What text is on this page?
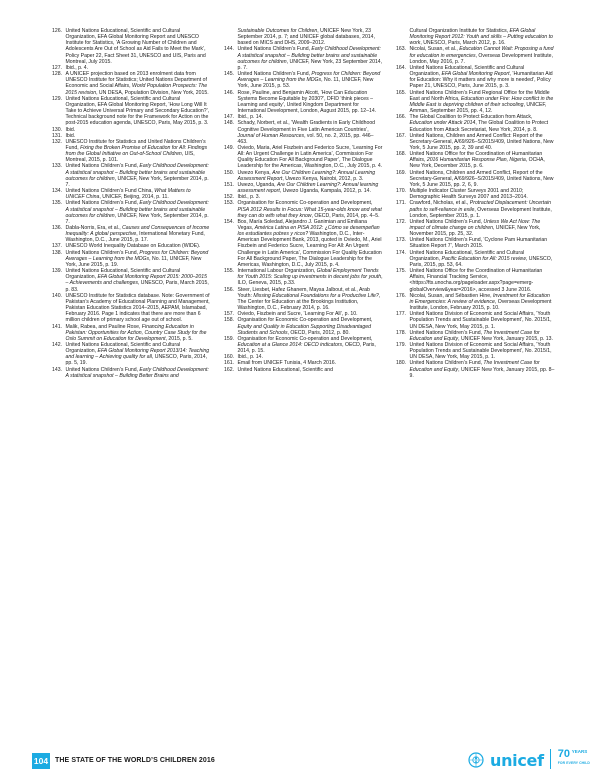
126. United Nations Educational, Scientific and Cultural Organization, EFA Global Monitoring Report and UNESCO Institute for Statistics, ‘A Growing Number of Children and Adolescents Are Out of School as Aid Fails to Meet the Mark’, Policy Paper 22, Fact Sheet 31, UNESCO and UIS, Paris and Montreal, July 2015.
127. Ibid., p. 4.
128. A UNICEF projection based on 2013 enrolment data from UNESCO Institute for Statistics; United Nations Department of Economic and Social Affairs, World Population Prospects: The 2015 revision, UN DESA, Population Division, New York, 2015.
129. United Nations Educational, Scientific and Cultural Organization, EFA Global Monitoring Report, ‘How Long Will It Take to Achieve Universal Primary and Secondary Education?’, Technical background note for the Framework for Action on the post-2015 education agenda, UNESCO, Paris, May 2015, p. 3.
130. Ibid.
131. Ibid.
132. UNESCO Institute for Statistics and United Nations Children’s Fund, Fixing the Broken Promise of Education for All: Findings from the Global Initiative on Out-of-School Children, UIS, Montreal, 2015, p. 101.
133. United Nations Children’s Fund, Early Childhood Development: A statistical snapshot – Building better brains and sustainable outcomes for children, UNICEF, New York, September 2014, p. 7.
134. United Nations Children’s Fund China, What Matters to UNICEF China, UNICEF, Beijing, 2014, p. 11.
135. United Nations Children’s Fund, Early Childhood Development: A statistical snapshot – Building better brains and sustainable outcomes for children, UNICEF, New York, September 2014, p. 7.
136. Dabla-Norris, Era, et al., Causes and Consequences of Income Inequality: A global perspective, International Monetary Fund, Washington, D.C., June 2015, p. 17.
137. UNESCO World Inequality Database on Education (WIDE).
138. United Nations Children’s Fund, Progress for Children: Beyond Averages – Learning from the MDGs, No. 11, UNICEF, New York, June 2015, p. 19.
139. United Nations Educational, Scientific and Cultural Organization, EFA Global Monitoring Report 2015: 2000–2015 – Achievements and challenges, UNESCO, Paris, March 2015, p. 83.
140. UNESCO Institute for Statistics database. Note: Government of Pakistan’s Academy of Educational Planning and Management, Pakistan Education Statistics 2014–2015, AEPAM, Islamabad, February 2016. Page 1 indicates that there are more than 6 million children of primary school age out of school.
141. Malik, Rabea, and Pauline Rose, Financing Education in Pakistan: Opportunities for Action, Country Case Study for the Oslo Summit on Education for Development, 2015, p. 5.
142. United Nations Educational, Scientific and Cultural Organization, EFA Global Monitoring Report 2013/14: Teaching and learning – Achieving quality for all, UNESCO, Paris, 2014, pp. 5, 19.
143. United Nations Children’s Fund, Early Childhood Development: A statistical snapshot – Building Better Brains and
Sustainable Outcomes for Children, UNICEF New York, 23 September 2014, p. 7; and UNICEF global databases, 2014, based on MICS and DHS, 2009–2012.
144. United Nations Children’s Fund, Early Childhood Development: A statistical snapshot – Building better brains and sustainable outcomes for children, UNICEF, New York, 23 September 2014, p. 7.
145. United Nations Children’s Fund, Progress for Children: Beyond Averages – Learning from the MDGs, No. 11, UNICEF, New York, June 2015, p. 53.
146. Rose, Pauline, and Benjamin Alcott, ‘How Can Education Systems Become Equitable by 2030?’, DFID ‘think pieces – Learning and equity’, United Kingdom Department for International Development, London, August 2015, pp. 12–14.
147. Ibid., p. 14.
148. Schady, Norbert, et al., ‘Wealth Gradients in Early Childhood Cognitive Development in Five Latin American Countries’, Journal of Human Resources, vol. 50, no. 2, 2015, pp. 446–463.
149. Oviedo, Maria, Ariel Fiszbein and Federico Sucre, ‘Learning For All: An Urgent Challenge in Latin America’, Commission For Quality Education For All Background Paper’, The Dialogue Leadership for the Americas, Washington, D.C., July 2015, p. 4.
150. Uwezo Kenya, Are Our Children Learning?: Annual Learning Assessment Report, Uwezo Kenya, Nairobi, 2012, p. 3.
151. Uwezo, Uganda, Are Our Children Learning?: Annual learning assessment report, Uwezo Uganda, Kampala, 2012, p. 14.
152. Ibid., p. 3.
153. Organisation for Economic Co-operation and Development, PISA 2012 Results in Focus: What 15-year-olds know and what they can do with what they know, OECD, Paris, 2014, pp. 4–5.
154. Bos, María Soledad, Alejandro J. Ganimian and Emiliana Vegas, América Latina en PISA 2012: ¿Cómo se desempeñan los estudiantes pobres y ricos? Washington, D.C., Inter-American Development Bank, 2013, quoted in Oviedo, M., Ariel Fiszbein and Federico Sucre, ‘Learning For All: An Urgent Challenge in Latin America’, Commission For Quality Education For All Background Paper, The Dialogue Leadership for the Americas, Washington, D.C., July 2015, p. 4.
155. International Labour Organization, Global Employment Trends for Youth 2015: Scaling up investments in decent jobs for youth, ILO, Geneva, 2015, p.33.
156. Steer, Liesbet, Hafez Ghanem, Maysa Jalbout, et al., Arab Youth: Missing Educational Foundations for a Productive Life?, The Center for Education at the Brookings Institution, Washington, D.C., February 2014, p. 16.
157. Oviedo, Fiszbein and Sucre, ‘Learning For All’, p. 10.
158. Organisation for Economic Co-operation and Development, Equity and Quality in Education Supporting Disadvantaged Students and Schools, OECD, Paris, 2012, p. 80.
159. Organisation for Economic Co-operation and Development, Education at a Glance 2014: OECD indicators, OECD, Paris, 2014, p. 15.
160. Ibid., p. 14.
161. Email from UNICEF Tunisia, 4 March 2016.
162. United Nations Educational, Scientific and
Cultural Organization Institute for Statistics, EFA Global Monitoring Report 2012: Youth and skills – Putting education to work, UNESCO, Paris, March 2012, p. 16.
163. Nicolai, Susan, et al., Education Cannot Wait: Proposing a fund for education in emergencies, Overseas Development Institute, London, May 2016, p. 7.
164. United Nations Educational, Scientific and Cultural Organization, EFA Global Monitoring Report, ‘Humanitarian Aid for Education: Why it matters and why more is needed’, Policy Paper 21, UNESCO, Paris, June 2015, p. 3.
165. United Nations Children’s Fund Regional Office for the Middle East and North Africa, Education under Fire: How conflict in the Middle East is depriving children of their schooling, UNICEF, Amman, September 2015, pp. 4, 12.
166. The Global Coalition to Protect Education from Attack, Education under Attack 2014, The Global Coalition to Protect Education from Attack Secretariat, New York, 2014, p. 8.
167. United Nations, Children and Armed Conflict: Report of the Secretary-General, A/69/926–S/2015/409, United Nations, New York, 5 June 2015, pp. 2, 39 and 40.
168. United Nations Office for the Coordination of Humanitarian Affairs, 2016 Humanitarian Response Plan, Nigeria, OCHA, New York, December 2015, p. 6.
169. United Nations, Children and Armed Conflict, Report of the Secretary-General, A/69/926–S/2015/409, United Nations, New York, 5 June 2015, pp. 2, 6, 9.
170. Multiple Indicator Cluster Surveys 2001 and 2010; Demographic Health Surveys 2007 and 2013–2014.
171. Crawford, Nicholas, et al., Protracted Displacement: Uncertain paths to self-reliance in exile, Overseas Development Institute, London, September 2015, p. 1.
172. United Nations Children’s Fund, Unless We Act Now: The impact of climate change on children, UNICEF, New York, November 2015, pp. 25, 32.
173. United Nations Children’s Fund, ‘Cyclone Pam Humanitarian Situation Report 7’, March 2015.
174. United Nations Educational, Scientific and Cultural Organization, Pacific Education for All: 2015 review, UNESCO, Paris, 2015, pp. 53, 64.
175. United Nations Office for the Coordination of Humanitarian Affairs, Financial Tracking Service, <https://fts.unocha.org/pageloader.aspx?page=emerg-globalOverview&year=2016>, accessed 3 June 2016.
176. Nicolai, Susan, and Sébastien Hine, Investment for Education in Emergencies: A review of evidence, Overseas Development Institute, London, February 2015, p. 10.
177. United Nations Division of Economic and Social Affairs, ‘Youth Population Trends and Sustainable Development’, No. 2015/1, UN DESA, New York, May 2015, p. 1.
178. United Nations Children’s Fund, The Investment Case for Education and Equity, UNICEF New York, January 2015, p. 13.
179. United Nations Division of Economic and Social Affairs, ‘Youth Population Trends and Sustainable Development’, No. 2015/1, UN DESA, New York, May 2015, p. 1.
180. United Nations Children’s Fund, The Investment Case for Education and Equity, UNICEF New York, January 2015, pp. 8–9.
104 THE STATE OF THE WORLD’S CHILDREN 2016	unicef 70 YEARS
FOR EVERY CHILD
